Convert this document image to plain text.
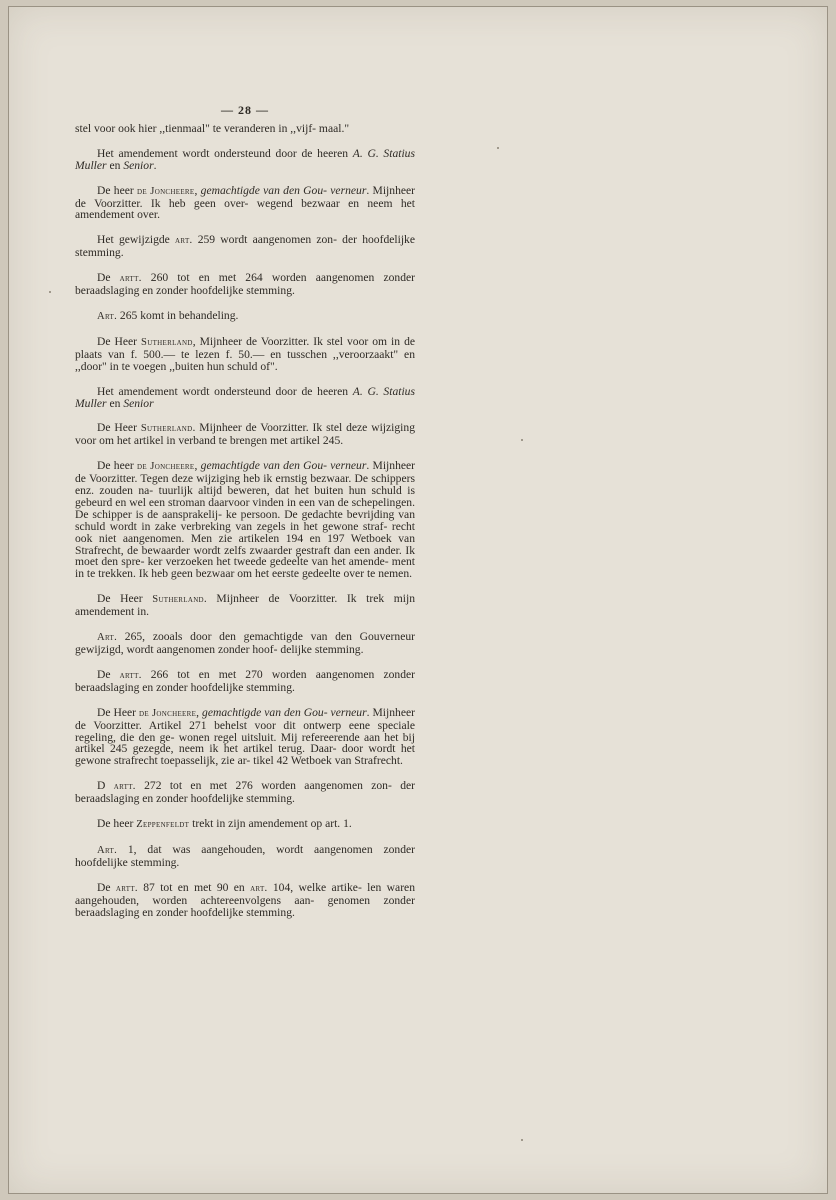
— 28 —

stel voor ook hier ,,tienmaal" te veranderen in ,,vijf- maal."

Het amendement wordt ondersteund door de heeren A. G. Statius Muller en Senior.

De heer de Joncheere, gemachtigde van den Gou- verneur. Mijnheer de Voorzitter. Ik heb geen over- wegend bezwaar en neem het amendement over.

Het gewijzigde art. 259 wordt aangenomen zon- der hoofdelijke stemming.

De artt. 260 tot en met 264 worden aangenomen zonder beraadslaging en zonder hoofdelijke stemming.

Art. 265 komt in behandeling.

De Heer Sutherland, Mijnheer de Voorzitter. Ik stel voor om in de plaats van f. 500.— te lezen f. 50.— en tusschen ,,veroorzaakt" en ,,door" in te voegen ,,buiten hun schuld of".

Het amendement wordt ondersteund door de heeren A. G. Statius Muller en Senior

De Heer Sutherland. Mijnheer de Voorzitter. Ik stel deze wijziging voor om het artikel in verband te brengen met artikel 245.

De heer de Joncheere, gemachtigde van den Gou- verneur. Mijnheer de Voorzitter. Tegen deze wijziging heb ik ernstig bezwaar. De schippers enz. zouden na- tuurlijk altijd beweren, dat het buiten hun schuld is gebeurd en wel een stroman daarvoor vinden in een van de schepelingen. De schipper is de aansprakelij- ke persoon. De gedachte bevrijding van schuld wordt in zake verbreking van zegels in het gewone straf- recht ook niet aangenomen. Men zie artikelen 194 en 197 Wetboek van Strafrecht, de bewaarder wordt zelfs zwaarder gestraft dan een ander. Ik moet den spre- ker verzoeken het tweede gedeelte van het amende- ment in te trekken. Ik heb geen bezwaar om het eerste gedeelte over te nemen.

De Heer Sutherland. Mijnheer de Voorzitter. Ik trek mijn amendement in.

Art. 265, zooals door den gemachtigde van den Gouverneur gewijzigd, wordt aangenomen zonder hoof- delijke stemming.

De artt. 266 tot en met 270 worden aangenomen zonder beraadslaging en zonder hoofdelijke stemming.

De Heer de Joncheere, gemachtigde van den Gou- verneur. Mijnheer de Voorzitter. Artikel 271 behelst voor dit ontwerp eene speciale regeling, die den ge- wonen regel uitsluit. Mij refereerende aan het bij artikel 245 gezegde, neem ik het artikel terug. Daar- door wordt het gewone strafrecht toepasselijk, zie ar- tikel 42 Wetboek van Strafrecht.

D artt. 272 tot en met 276 worden aangenomen zon- der beraadslaging en zonder hoofdelijke stemming.

De heer Zeppenfeldt trekt in zijn amendement op art. 1.

Art. 1, dat was aangehouden, wordt aangenomen zonder hoofdelijke stemming.

De artt. 87 tot en met 90 en art. 104, welke artike- len waren aangehouden, worden achtereenvolgens aan- genomen zonder beraadslaging en zonder hoofdelijke stemming.
